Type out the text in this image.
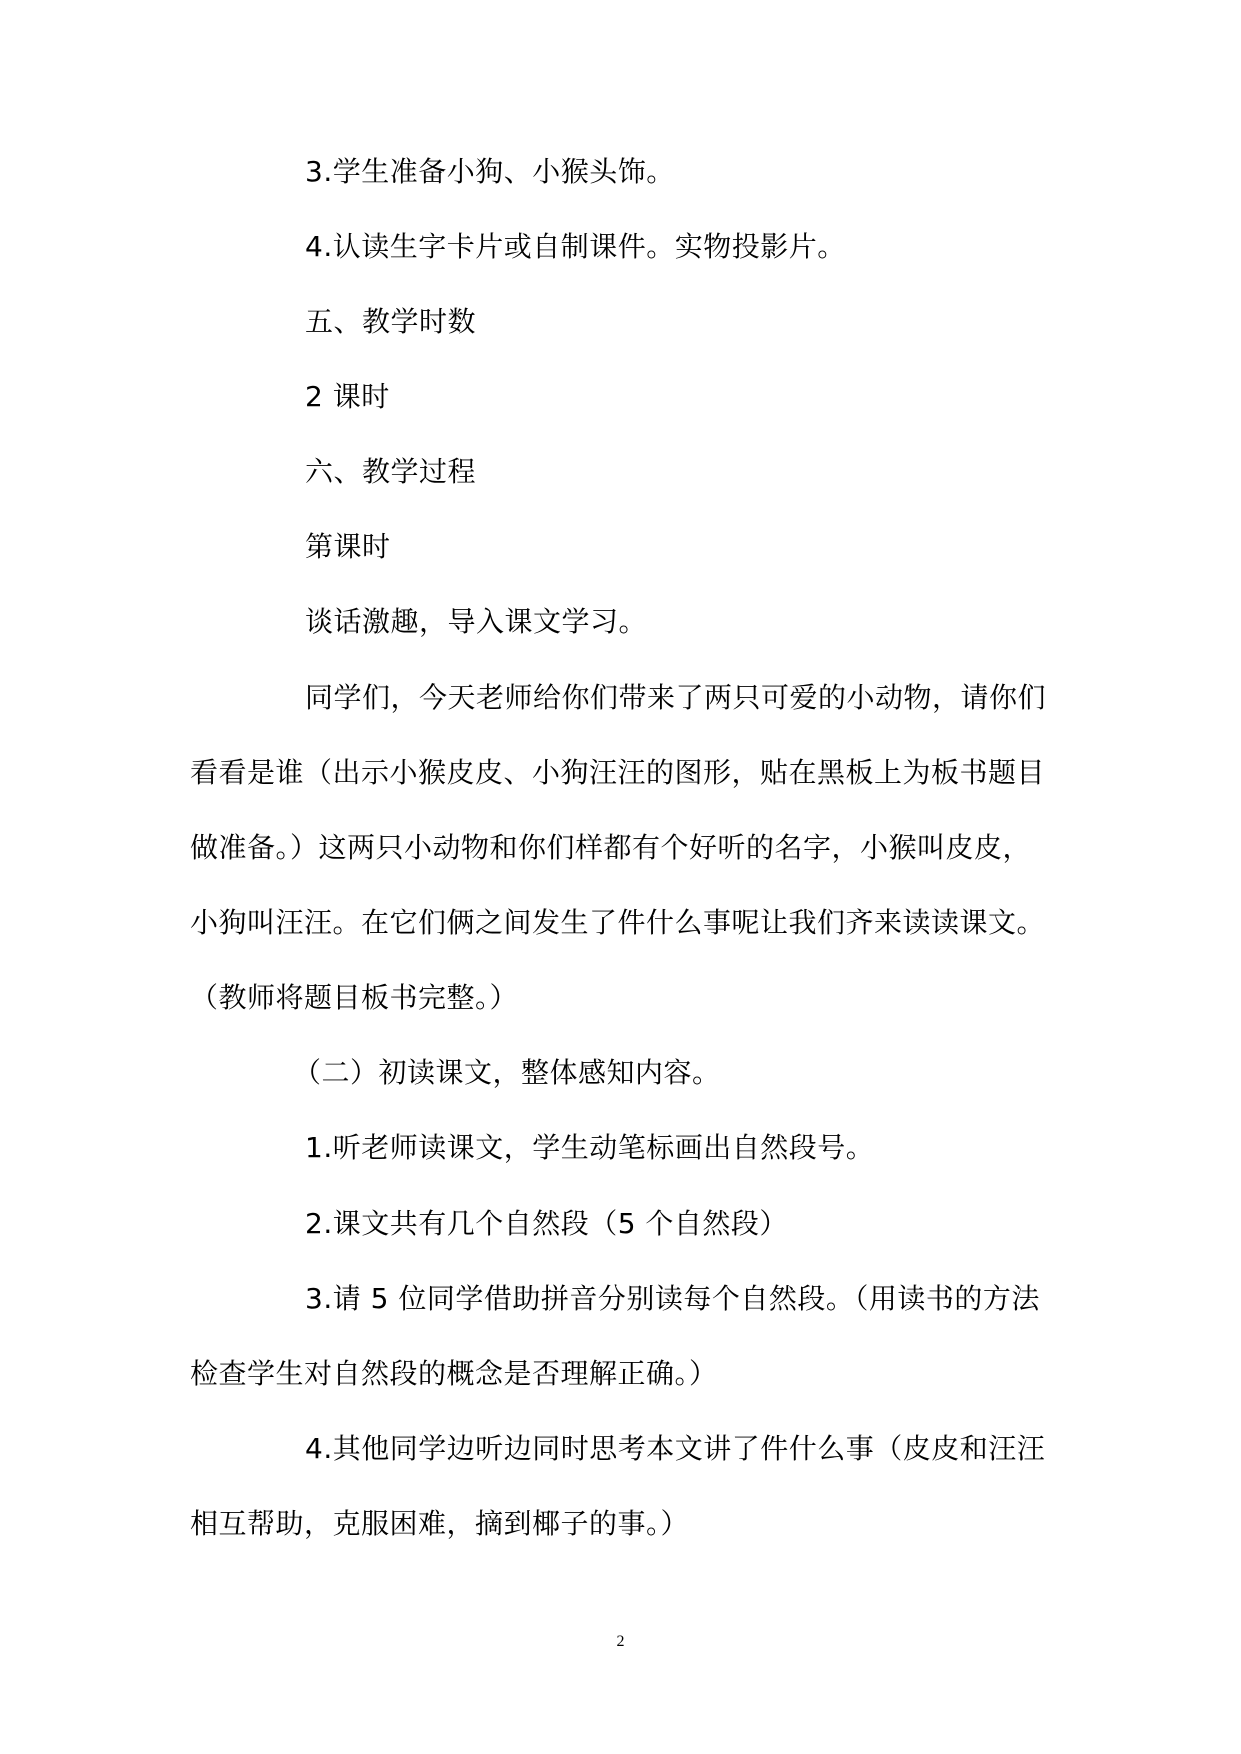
3.学生准备小狗、小猴头饰。
4.认读生字卡片或自制课件。实物投影片。
五、教学时数
2 课时
六、教学过程
第课时
谈话激趣，导入课文学习。
同学们，今天老师给你们带来了两只可爱的小动物，请你们
看看是谁（出示小猴皮皮、小狗汪汪的图形，贴在黑板上为板书题目
做准备。）这两只小动物和你们样都有个好听的名字，小猴叫皮皮，
小狗叫汪汪。在它们俩之间发生了件什么事呢让我们齐来读读课文。
（教师将题目板书完整。）
（二）初读课文，整体感知内容。
1.听老师读课文，学生动笔标画出自然段号。
2.课文共有几个自然段（5 个自然段）
3.请 5 位同学借助拼音分别读每个自然段。（用读书的方法
检查学生对自然段的概念是否理解正确。）
4.其他同学边听边同时思考本文讲了件什么事（皮皮和汪汪
相互帮助，克服困难，摘到椰子的事。）
2
